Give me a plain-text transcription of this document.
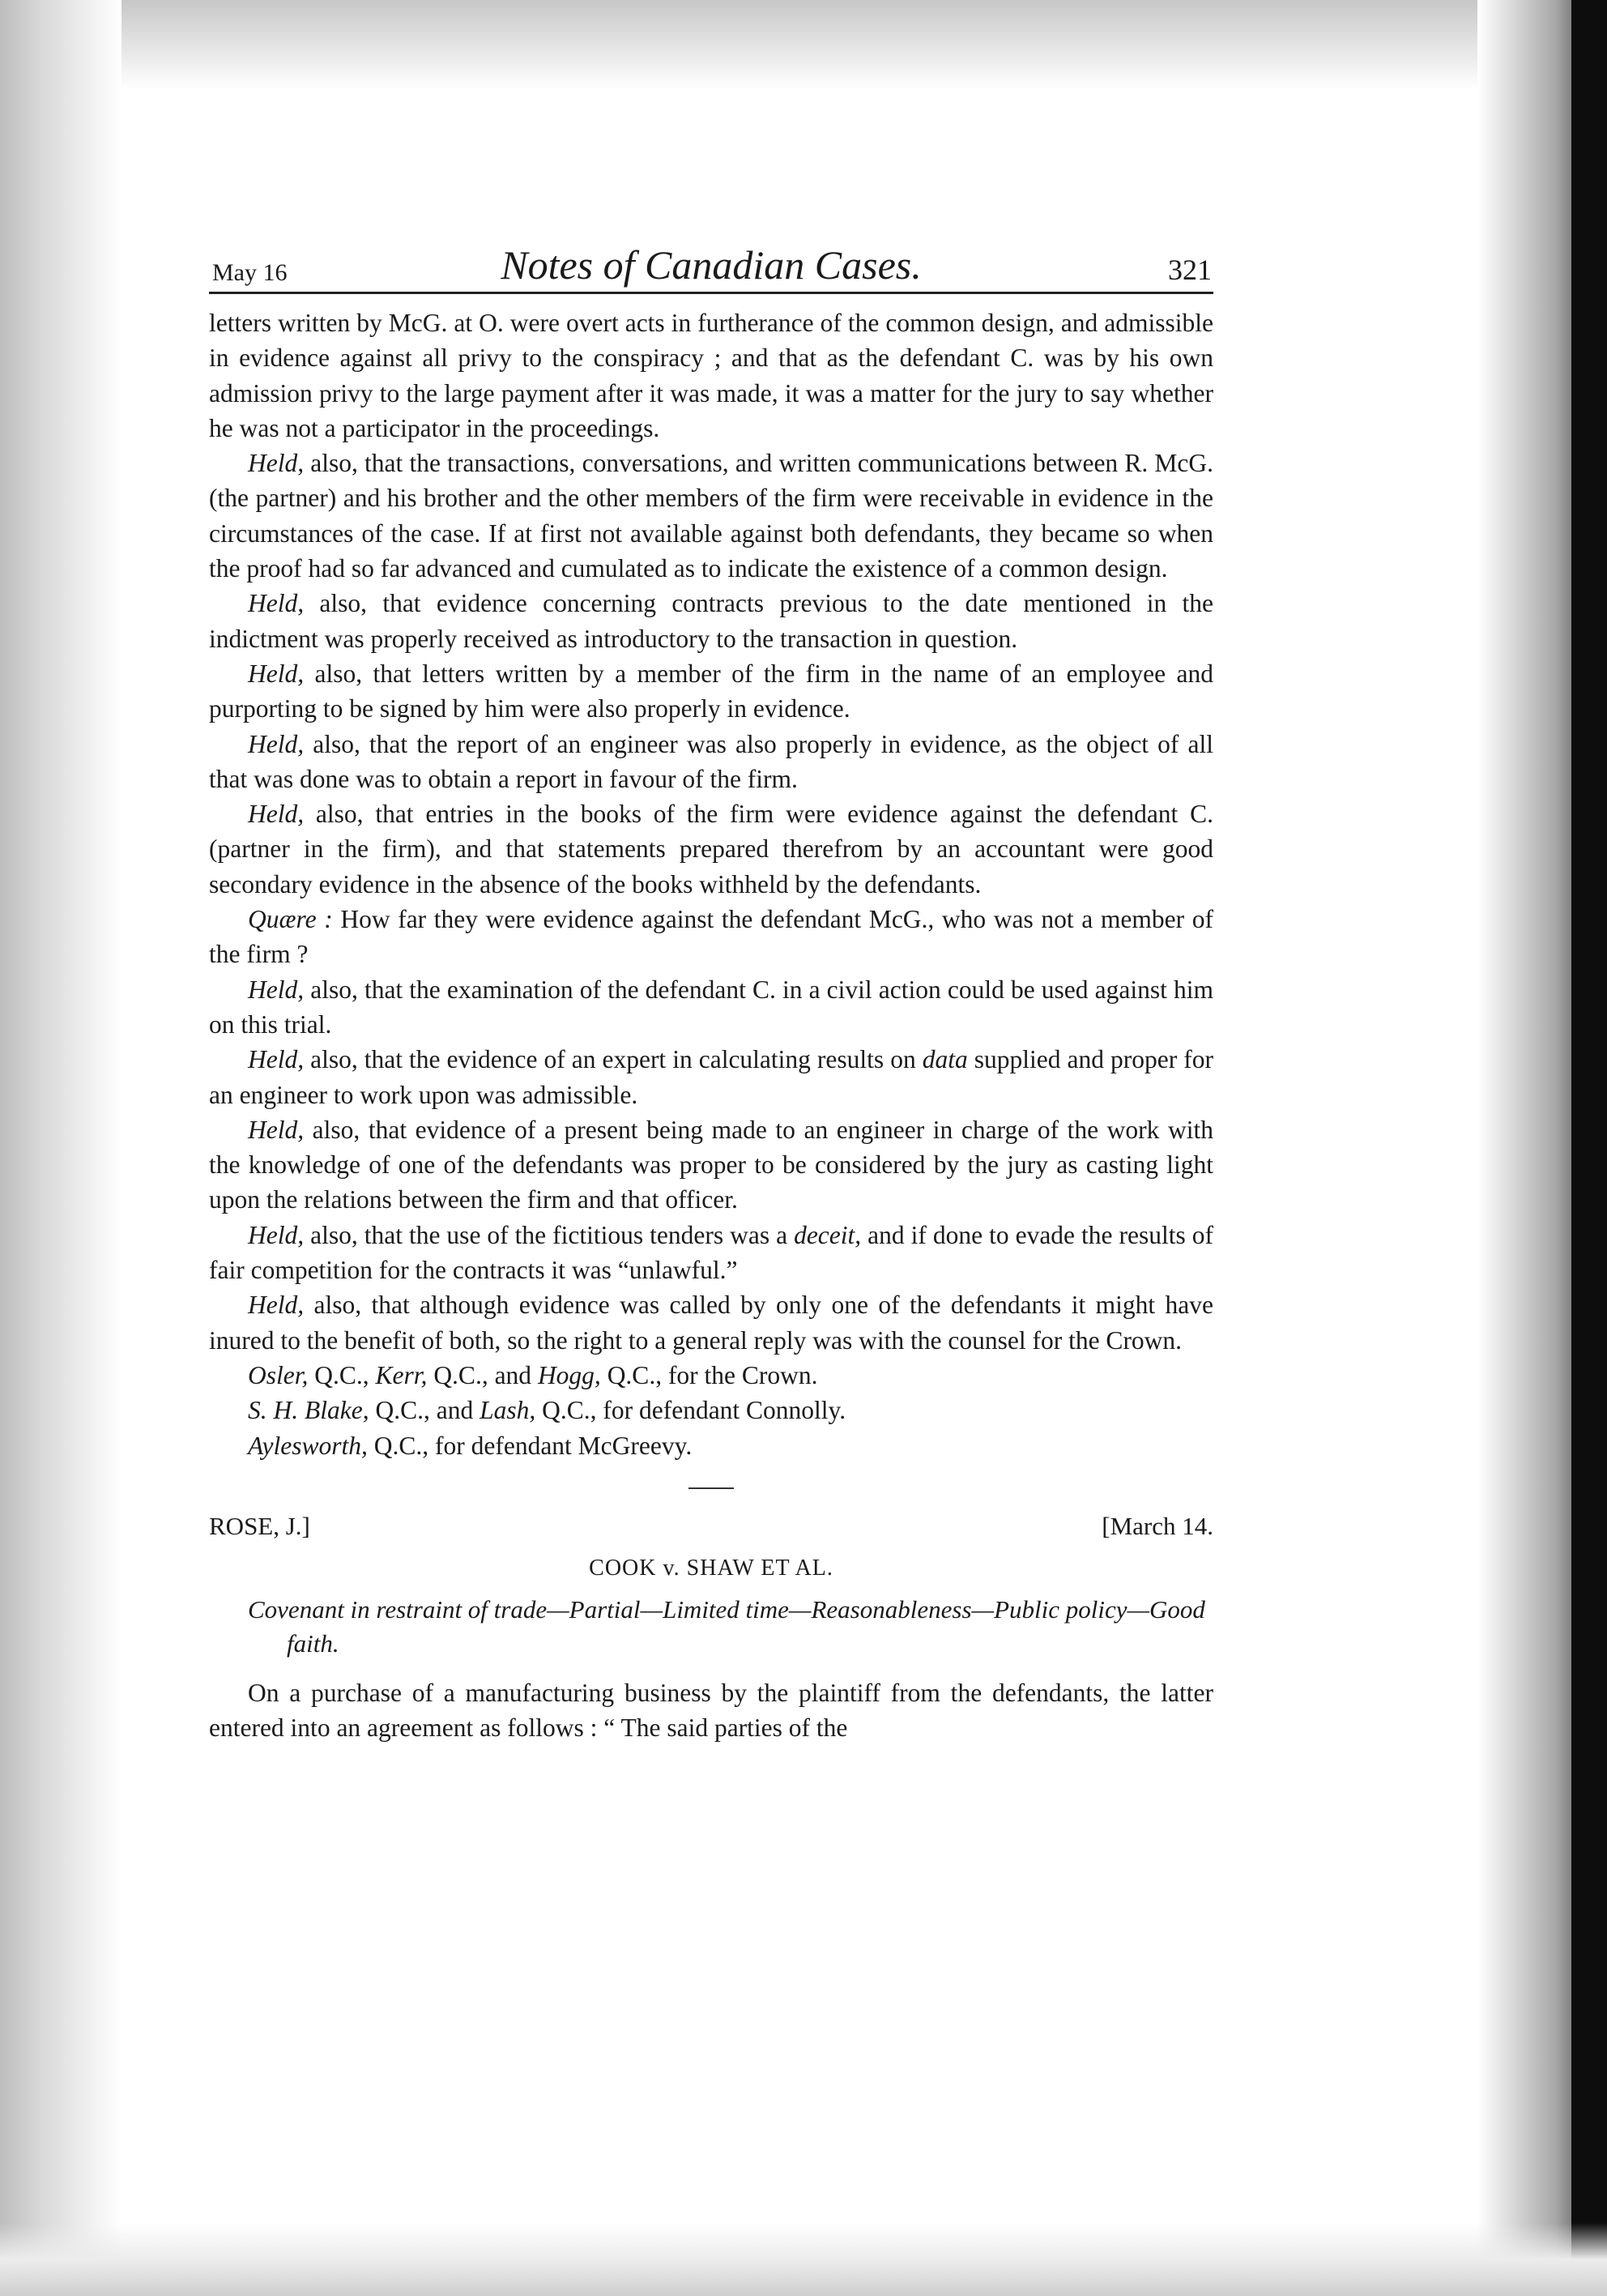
May 16	Notes of Canadian Cases.	321

letters written by McG. at O. were overt acts in furtherance of the common design, and admissible in evidence against all privy to the conspiracy ; and that as the defendant C. was by his own admission privy to the large payment after it was made, it was a matter for the jury to say whether he was not a participator in the proceedings.

Held, also, that the transactions, conversations, and written communications between R. McG. (the partner) and his brother and the other members of the firm were receivable in evidence in the circumstances of the case. If at first not available against both defendants, they became so when the proof had so far advanced and cumulated as to indicate the existence of a common design.

Held, also, that evidence concerning contracts previous to the date mentioned in the indictment was properly received as introductory to the transaction in question.

Held, also, that letters written by a member of the firm in the name of an employee and purporting to be signed by him were also properly in evidence.

Held, also, that the report of an engineer was also properly in evidence, as the object of all that was done was to obtain a report in favour of the firm.

Held, also, that entries in the books of the firm were evidence against the defendant C. (partner in the firm), and that statements prepared therefrom by an accountant were good secondary evidence in the absence of the books withheld by the defendants.

Quære : How far they were evidence against the defendant McG., who was not a member of the firm ?

Held, also, that the examination of the defendant C. in a civil action could be used against him on this trial.

Held, also, that the evidence of an expert in calculating results on data supplied and proper for an engineer to work upon was admissible.

Held, also, that evidence of a present being made to an engineer in charge of the work with the knowledge of one of the defendants was proper to be considered by the jury as casting light upon the relations between the firm and that officer.

Held, also, that the use of the fictitious tenders was a deceit, and if done to evade the results of fair competition for the contracts it was “unlawful.”

Held, also, that although evidence was called by only one of the defendants it might have inured to the benefit of both, so the right to a general reply was with the counsel for the Crown.

Osler, Q.C., Kerr, Q.C., and Hogg, Q.C., for the Crown.

S. H. Blake, Q.C., and Lash, Q.C., for defendant Connolly.

Aylesworth, Q.C., for defendant McGreevy.

ROSE, J.]	[March 14.
COOK v. SHAW ET AL.
Covenant in restraint of trade—Partial—Limited time—Reasonableness—Public policy—Good faith.

On a purchase of a manufacturing business by the plaintiff from the defendants, the latter entered into an agreement as follows : “ The said parties of the
